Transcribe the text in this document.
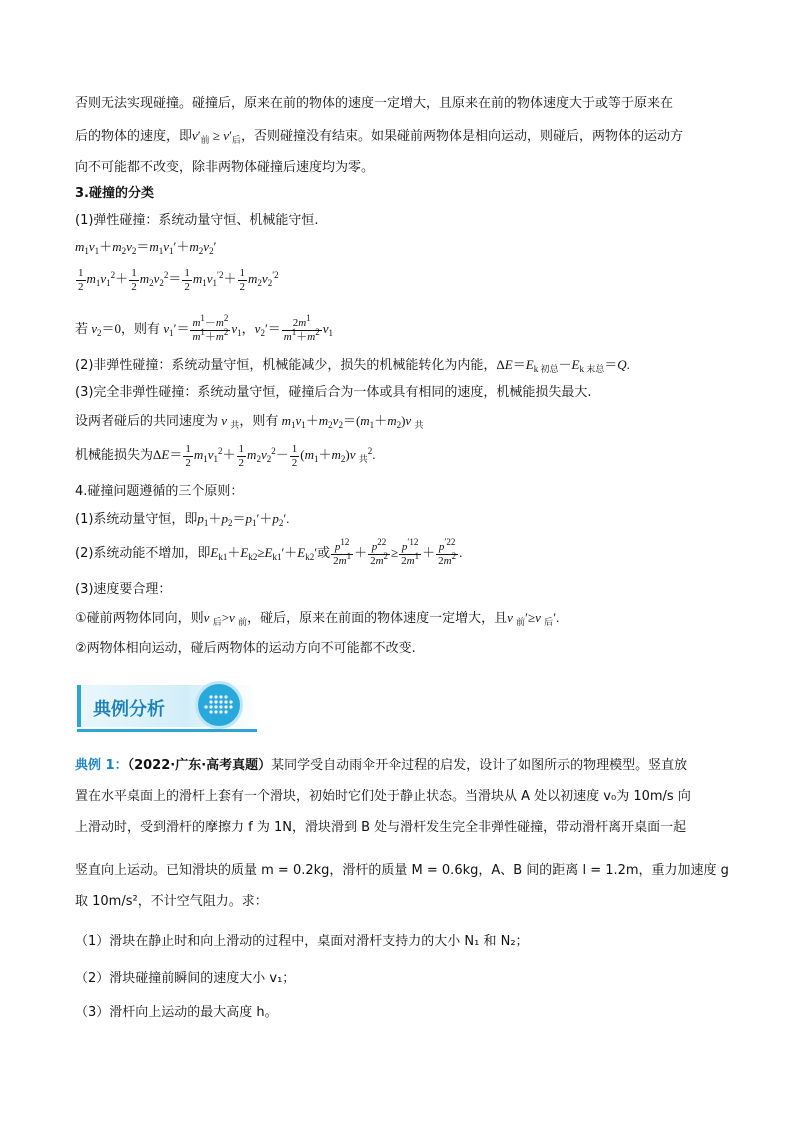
否则无法实现碰撞。碰撞后，原来在前的物体的速度一定增大，且原来在前的物体速度大于或等于原来在
后的物体的速度，即$v'_前 \ge v'_后$，否则碰撞没有结束。如果碰前两物体是相向运动，则碰后，两物体的运动方
向不可能都不改变，除非两物体碰撞后速度均为零。
3.碰撞的分类
(1)弹性碰撞：系统动量守恒、机械能守恒.
$m_1v_1+m_2v_2=m_1v_1'+m_2v_2'$
$\frac{1}{2} m_1v_1^2+ \frac{1}{2} m_2v_2^2= \frac{1}{2} m_1v_1^{'2}+ \frac{1}{2} m_2v_2^{'2}$
若 $v_2=0$，则有 $v_1'= \frac{m^1-m^2}{m^1+m^2} v_1$，$v_2'= \frac{2m^1}{m^1+m^2} v_1$
(2)非弹性碰撞：系统动量守恒，机械能减少，损失的机械能转化为内能，$\Delta E=E_{k 初总}-E_{k 末总}=Q$.
(3)完全非弹性碰撞：系统动量守恒，碰撞后合为一体或具有相同的速度，机械能损失最大.
设两者碰后的共同速度为 v $_共$，则有 $m_1v_1+m_2v_2=(m_1+m_2)v$ $_共$
机械能损失为$\Delta E= \frac{1}{2} m_1v_1^2+ \frac{1}{2} m_2v_2^2- \frac{1}{2} (m_1+m_2)v$ $_共^2$.
4.碰撞问题遵循的三个原则：
(1)系统动量守恒，即$p_1+p_2=p_1'+p_2'$.
(2)系统动能不增加，即$E_{k1}+E_{k2}\ge E_{k1}'+E_{k2}'$或 $\frac{p^{12}}{2m^1} + \frac{p^{22}}{2m^2} \ge \frac{p^{'12}}{2m^1} + \frac{p^{'22}}{2m^2}$ .
(3)速度要合理：
①碰前两物体同向，则v $_后$>v $_前$，碰后，原来在前面的物体速度一定增大，且v $_前$′≥v $_后$′.
②两物体相向运动，碰后两物体的运动方向不可能都不改变.
典例分析
典例 1：（2022·广东·高考真题）某同学受自动雨伞开伞过程的启发，设计了如图所示的物理模型。竖直放
置在水平桌面上的滑杆上套有一个滑块，初始时它们处于静止状态。当滑块从 A 处以初速度 v₀为 10m/s 向
上滑动时，受到滑杆的摩擦力 f 为 1N，滑块滑到 B 处与滑杆发生完全非弹性碰撞，带动滑杆离开桌面一起
竖直向上运动。已知滑块的质量 m = 0.2kg，滑杆的质量 M = 0.6kg，A、B 间的距离 l = 1.2m，重力加速度 g
取 10m/s²，不计空气阻力。求：
（1）滑块在静止时和向上滑动的过程中，桌面对滑杆支持力的大小 N₁ 和 N₂；
（2）滑块碰撞前瞬间的速度大小 v₁；
（3）滑杆向上运动的最大高度 h。
